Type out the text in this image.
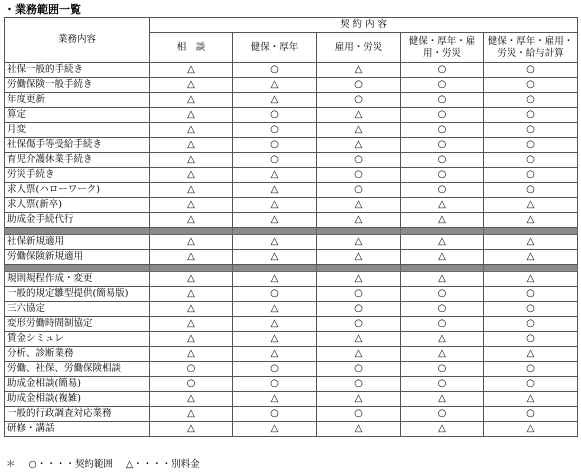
・業務範囲一覧
業務内容	契 約 内 容				
	相　談	健保・厚年	雇用・労災	健保・厚年・雇用・労災	健保・厚年・雇用・労災・給与計算
社保一般的手続き	△	○	△	○	○
労働保険一般手続き	△	△	○	○	○
年度更新	△	△	○	○	○
算定	△	○	△	○	○
月変	△	○	△	○	○
社保傷手等受給手続き	△	○	△	○	○
育児介護休業手続き	△	○	○	○	○
労災手続き	△	△	○	○	○
求人票(ハローワーク)	△	△	○	○	○
求人票(新卒)	△	△	△	△	△
助成金手続代行	△	△	△	△	△

社保新規適用	△	△	△	△	△
労働保険新規適用	△	△	△	△	△

規則規程作成・変更	△	△	△	△	△
一般的規定雛型提供(簡易版)	△	○	○	○	○
三六協定	△	△	○	○	○
変形労働時間制協定	△	△	○	○	○
賃金シミュレ	△	△	△	△	○
分析、診断業務	△	△	△	△	△
労働、社保、労働保険相談	○	○	○	○	○
助成金相談(簡易)	○	○	○	○	○
助成金相談(複雑)	△	△	△	△	△
一般的行政調査対応業務	△	○	○	○	○
研修・講話	△	△	△	△	△
＊ ○・・・・契約範囲 △・・・・別料金
